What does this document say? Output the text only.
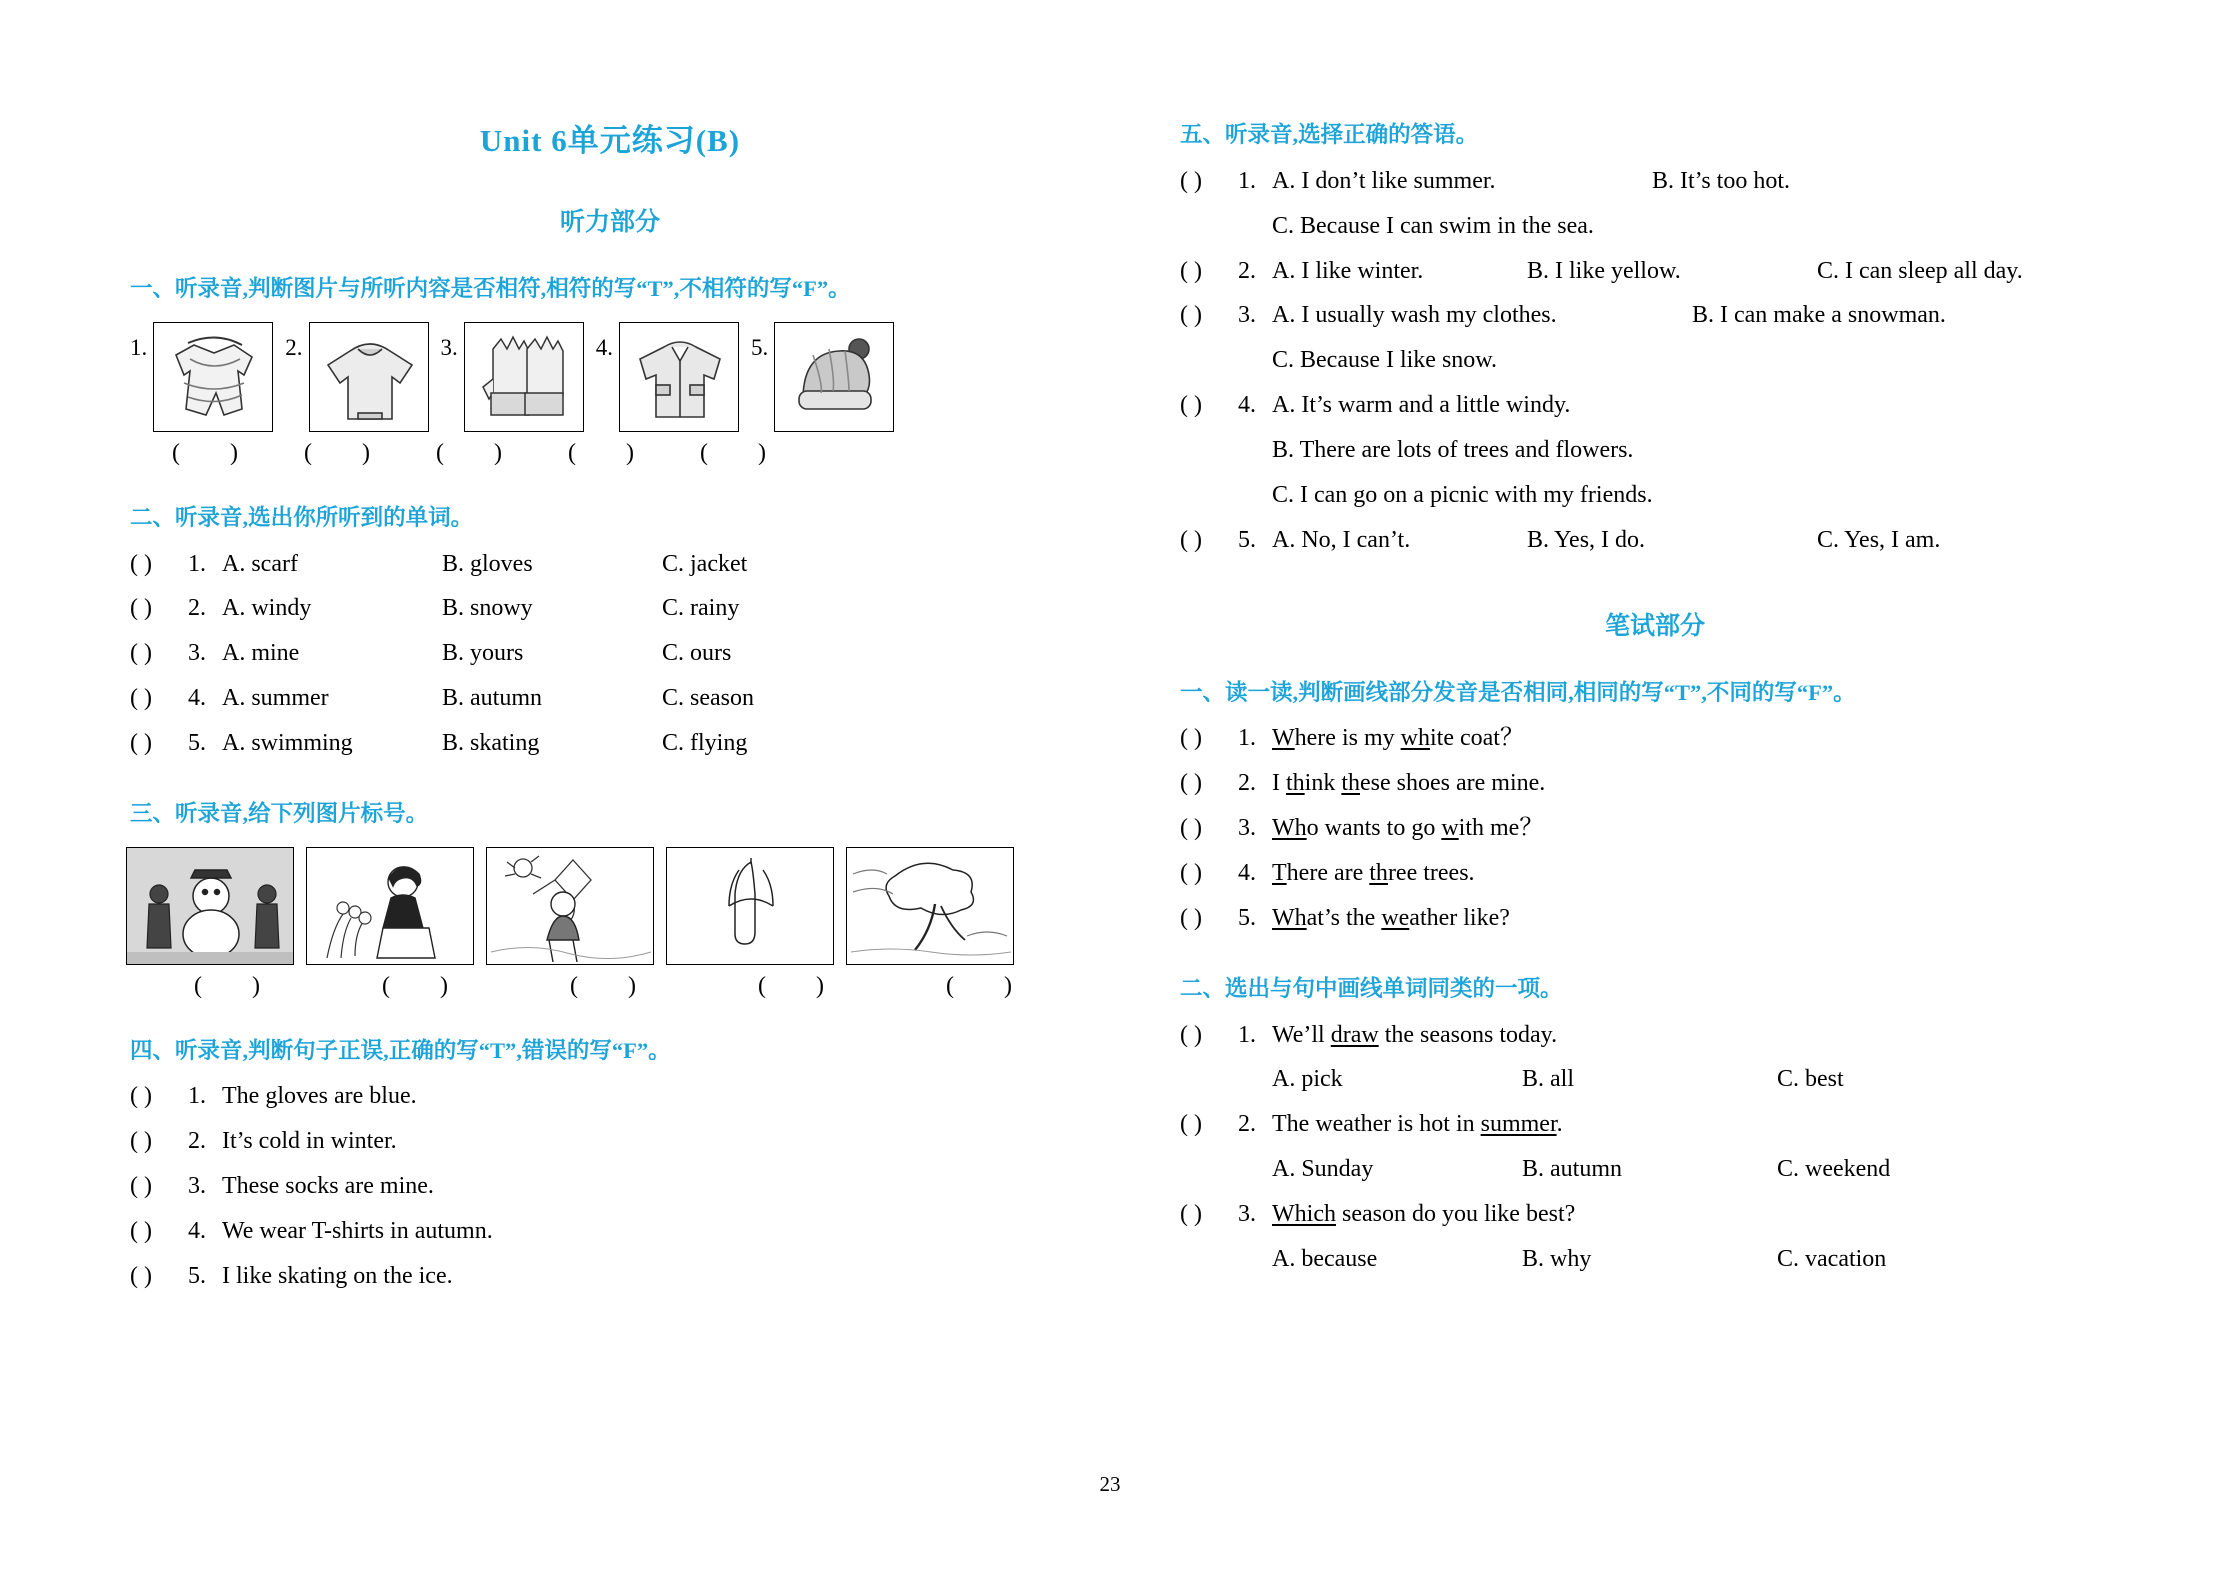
Unit 6单元练习(B)
听力部分
一、听录音,判断图片与所听内容是否相符,相符的写“T”,不相符的写“F”。
1.	2.	3.	4.	5.
( )	( )	( )	( )	( )
二、听录音,选出你所听到的单词。
( ) 1. A. scarf	B. gloves	C. jacket
( ) 2. A. windy	B. snowy	C. rainy
( ) 3. A. mine	B. yours	C. ours
( ) 4. A. summer	B. autumn	C. season
( ) 5. A. swimming	B. skating	C. flying
三、听录音,给下列图片标号。
( )	( )	( )	( )	( )
四、听录音,判断句子正误,正确的写“T”,错误的写“F”。
( ) 1. The gloves are blue.
( ) 2. It’s cold in winter.
( ) 3. These socks are mine.
( ) 4. We wear T-shirts in autumn.
( ) 5. I like skating on the ice.
五、听录音,选择正确的答语。
( ) 1. A. I don’t like summer.	B. It’s too hot.
C. Because I can swim in the sea.
( ) 2. A. I like winter.	B. I like yellow.	C. I can sleep all day.
( ) 3. A. I usually wash my clothes.	B. I can make a snowman.
C. Because I like snow.
( ) 4. A. It’s warm and a little windy.
B. There are lots of trees and flowers.
C. I can go on a picnic with my friends.
( ) 5. A. No, I can’t.	B. Yes, I do.	C. Yes, I am.
笔试部分
一、读一读,判断画线部分发音是否相同,相同的写“T”,不同的写“F”。
( ) 1. Where is my white coat？
( ) 2. I think these shoes are mine.
( ) 3. Who wants to go with me？
( ) 4. There are three trees.
( ) 5. What’s the weather like?
二、选出与句中画线单词同类的一项。
( ) 1. We’ll draw the seasons today.
A. pick	B. all	C. best
( ) 2. The weather is hot in summer.
A. Sunday	B. autumn	C. weekend
( ) 3. Which season do you like best?
A. because	B. why	C. vacation
23
